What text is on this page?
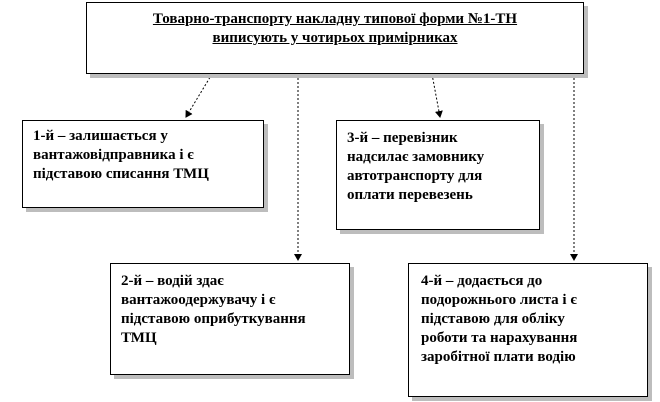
Товарно-транспорту накладну типової форми №1-ТН
виписують у чотирьох примірниках
1-й – залишається у
вантажовідправника і є
підставою списання ТМЦ
3-й – перевізник
надсилає замовнику
автотранспорту для
оплати перевезень
2-й – водій здає
вантажоодержувачу і є
підставою оприбуткування
ТМЦ
4-й – додається до
подорожнього листа і є
підставою для обліку
роботи та нарахування
заробітної плати водію
